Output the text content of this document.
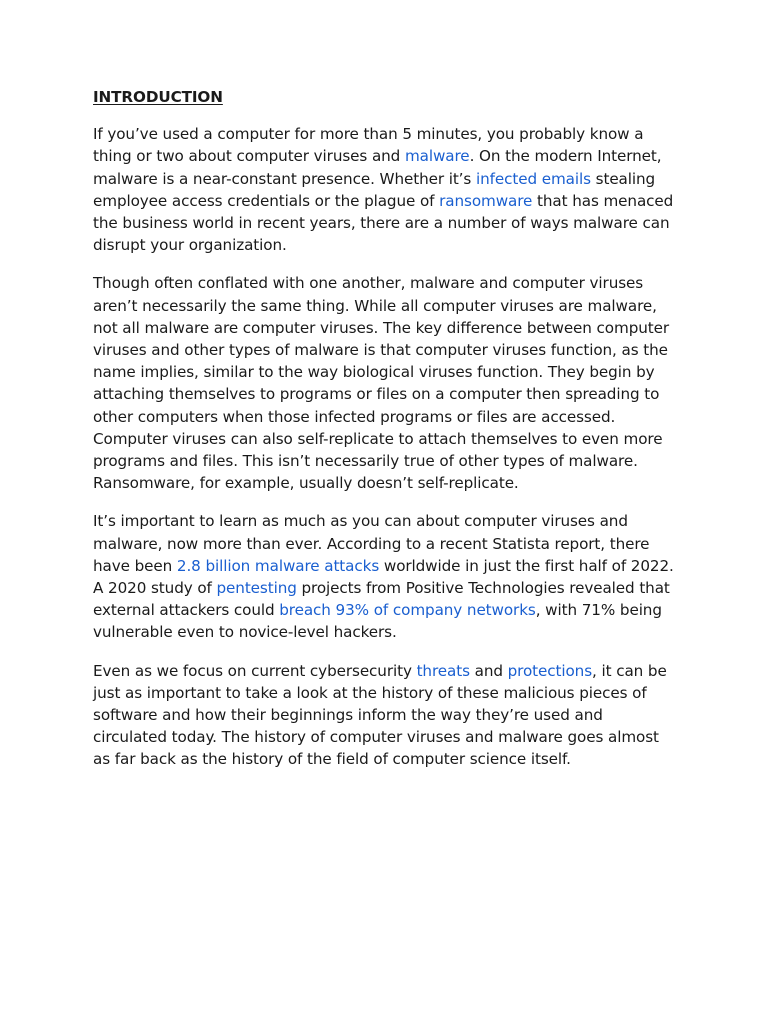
INTRODUCTION

If you’ve used a computer for more than 5 minutes, you probably know a thing or two about computer viruses and malware. On the modern Internet, malware is a near-constant presence. Whether it’s infected emails stealing employee access credentials or the plague of ransomware that has menaced the business world in recent years, there are a number of ways malware can disrupt your organization.

Though often conflated with one another, malware and computer viruses aren’t necessarily the same thing. While all computer viruses are malware, not all malware are computer viruses. The key difference between computer viruses and other types of malware is that computer viruses function, as the name implies, similar to the way biological viruses function. They begin by attaching themselves to programs or files on a computer then spreading to other computers when those infected programs or files are accessed. Computer viruses can also self-replicate to attach themselves to even more programs and files. This isn’t necessarily true of other types of malware. Ransomware, for example, usually doesn’t self-replicate.

It’s important to learn as much as you can about computer viruses and malware, now more than ever. According to a recent Statista report, there have been 2.8 billion malware attacks worldwide in just the first half of 2022. A 2020 study of pentesting projects from Positive Technologies revealed that external attackers could breach 93% of company networks, with 71% being vulnerable even to novice-level hackers.

Even as we focus on current cybersecurity threats and protections, it can be just as important to take a look at the history of these malicious pieces of software and how their beginnings inform the way they’re used and circulated today. The history of computer viruses and malware goes almost as far back as the history of the field of computer science itself.
